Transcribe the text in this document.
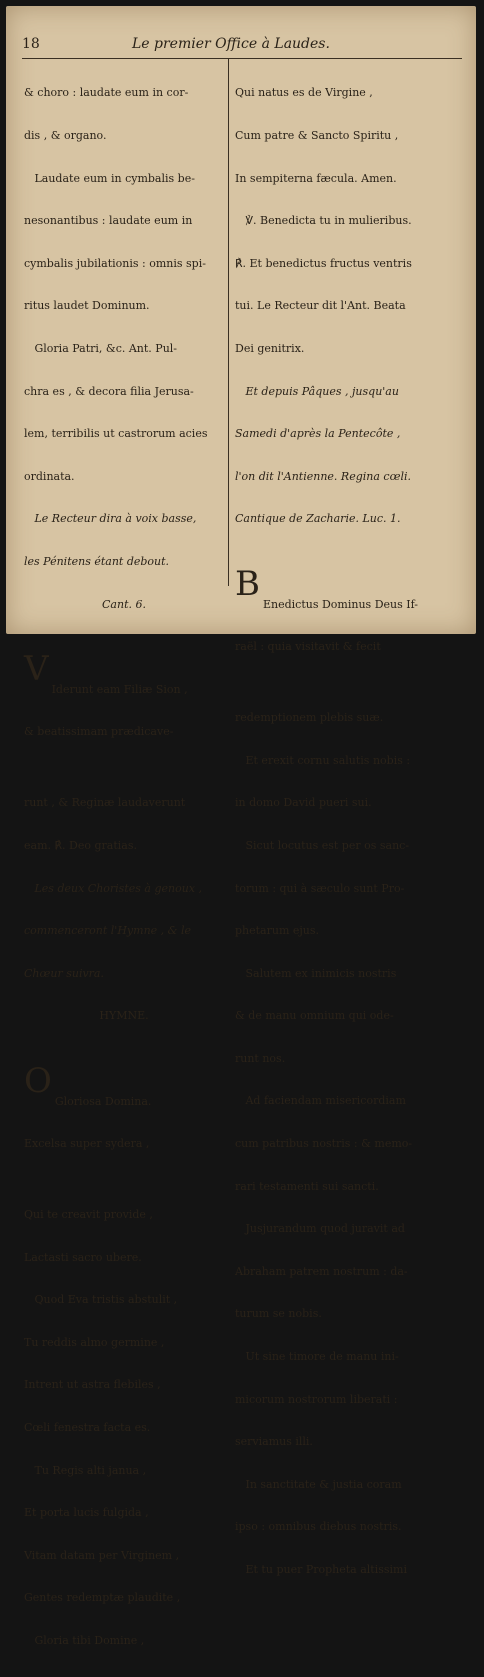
18	Le premier Office à Laudes.

& choro : laudate eum in cor-

dis , & organo.

Laudate eum in cymbalis be-

nesonantibus : laudate eum in

cymbalis jubilationis : omnis spi-

ritus laudet Dominum.

Gloria Patri, &c. Ant. Pul-

chra es , & decora filia Jerusa-

lem, terribilis ut castrorum acies

ordinata.

Le Recteur dira à voix basse,

les Pénitens étant debout.

Cant. 6.

V

Iderunt eam Filiæ Sion ,

& beatissimam prædicave-

runt , & Reginæ laudaverunt

eam. ℟. Deo gratias.

Les deux Choristes à genoux ,

commenceront l'Hymne , & le

Chœur suivra.

HYMNE.

O

Gloriosa Domina.

Excelsa super sydera ,

Qui te creavit provide ,

Lactasti sacro ubere.

Quod Eva tristis abstulit ,

Tu reddis almo germine ,

Intrent ut astra flebiles ,

Cœli fenestra facta es.

Tu Regis alti janua ,

Et porta lucis fulgida ,

Vitam datam per Virginem ,

Gentes redemptæ plaudite ,

Gloria tibi Domine ,

Qui natus es de Virgine ,

Cum patre & Sancto Spiritu ,

In sempiterna fæcula. Amen.

℣. Benedicta tu in mulieribus.

℟. Et benedictus fructus ventris

tui. Le Recteur dit l'Ant. Beata

Dei genitrix.

Et depuis Pâques , jusqu'au

Samedi d'après la Pentecôte ,

l'on dit l'Antienne. Regina cœli.

Cantique de Zacharie. Luc. 1.

B

Enedictus Dominus Deus If-

raël : quia visitavit & fecit

redemptionem plebis suæ.

Et erexit cornu salutis nobis :

in domo David pueri sui.

Sicut locutus est per os sanc-

torum : qui à sæculo sunt Pro-

phetarum ejus.

Salutem ex inimicis nostris

& de manu omnium qui ode-

runt nos.

Ad faciendam misericordiam

cum patribus nostris : & memo-

rari testamenti sui sancti.

Jusjurandum quod juravit ad

Abraham patrem nostrum : da-

turum se nobis.

Ut sine timore de manu ini-

micorum nostrorum liberati :

serviamus illi.

In sanctitate & justia coram

ipso : omnibus diebus nostris.

Et tu puer Propheta altissimi
